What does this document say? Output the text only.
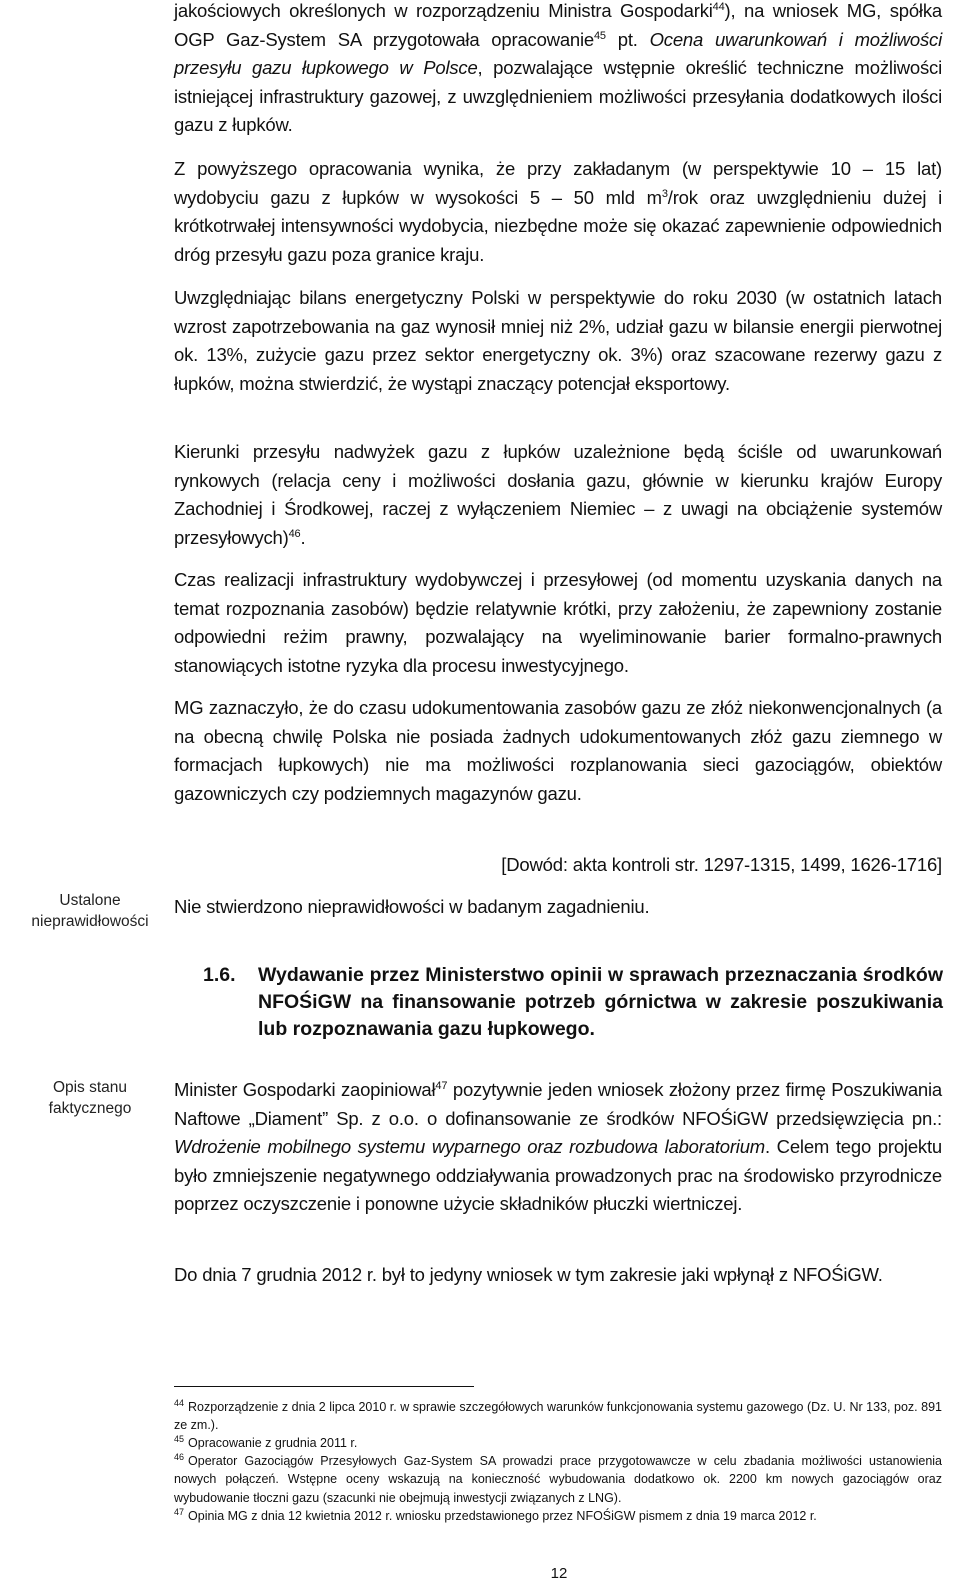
jakościowych określonych w rozporządzeniu Ministra Gospodarki$^{44}$), na wniosek MG, spółka OGP Gaz-System SA przygotowała opracowanie$^{45}$ pt. Ocena uwarunkowań i możliwości przesyłu gazu łupkowego w Polsce, pozwalające wstępnie określić techniczne możliwości istniejącej infrastruktury gazowej, z uwzględnieniem możliwości przesyłania dodatkowych ilości gazu z łupków.

Z powyższego opracowania wynika, że przy zakładanym (w perspektywie 10 – 15 lat) wydobyciu gazu z łupków w wysokości 5 – 50 mld $m^3$/rok oraz uwzględnieniu dużej i krótkotrwałej intensywności wydobycia, niezbędne może się okazać zapewnienie odpowiednich dróg przesyłu gazu poza granice kraju.

Uwzględniając bilans energetyczny Polski w perspektywie do roku 2030 (w ostatnich latach wzrost zapotrzebowania na gaz wynosił mniej niż 2%, udział gazu w bilansie energii pierwotnej ok. 13%, zużycie gazu przez sektor energetyczny ok. 3%) oraz szacowane rezerwy gazu z łupków, można stwierdzić, że wystąpi znaczący potencjał eksportowy.

Kierunki przesyłu nadwyżek gazu z łupków uzależnione będą ściśle od uwarunkowań rynkowych (relacja ceny i możliwości dosłania gazu, głównie w kierunku krajów Europy Zachodniej i Środkowej, raczej z wyłączeniem Niemiec – z uwagi na obciążenie systemów przesyłowych)$^{46}$.

Czas realizacji infrastruktury wydobywczej i przesyłowej (od momentu uzyskania danych na temat rozpoznania zasobów) będzie relatywnie krótki, przy założeniu, że zapewniony zostanie odpowiedni reżim prawny, pozwalający na wyeliminowanie barier formalno-prawnych stanowiących istotne ryzyka dla procesu inwestycyjnego.

MG zaznaczyło, że do czasu udokumentowania zasobów gazu ze złóż niekonwencjonalnych (a na obecną chwilę Polska nie posiada żadnych udokumentowanych złóż gazu ziemnego w formacjach łupkowych) nie ma możliwości rozplanowania sieci gazociągów, obiektów gazowniczych czy podziemnych magazynów gazu.

[Dowód: akta kontroli str. 1297-1315, 1499, 1626-1716]

Ustalone nieprawidłowości

Nie stwierdzono nieprawidłowości w badanym zagadnieniu.

1.6. Wydawanie przez Ministerstwo opinii w sprawach przeznaczania środków NFOŚiGW na finansowanie potrzeb górnictwa w zakresie poszukiwania lub rozpoznawania gazu łupkowego.
Opis stanu faktycznego

Minister Gospodarki zaopiniował$^{47}$ pozytywnie jeden wniosek złożony przez firmę Poszukiwania Naftowe „Diament” Sp. z o.o. o dofinansowanie ze środków NFOŚiGW przedsięwzięcia pn.: Wdrożenie mobilnego systemu wyparnego oraz rozbudowa laboratorium. Celem tego projektu było zmniejszenie negatywnego oddziaływania prowadzonych prac na środowisko przyrodnicze poprzez oczyszczenie i ponowne użycie składników płuczki wiertniczej.

Do dnia 7 grudnia 2012 r. był to jedyny wniosek w tym zakresie jaki wpłynął z NFOŚiGW.

$^{44}$ Rozporządzenie z dnia 2 lipca 2010 r. w sprawie szczegółowych warunków funkcjonowania systemu gazowego (Dz. U. Nr 133, poz. 891 ze zm.).

$^{45}$ Opracowanie z grudnia 2011 r.

$^{46}$ Operator Gazociągów Przesyłowych Gaz-System SA prowadzi prace przygotowawcze w celu zbadania możliwości ustanowienia nowych połączeń. Wstępne oceny wskazują na konieczność wybudowania dodatkowo ok. 2200 km nowych gazociągów oraz wybudowanie tłoczni gazu (szacunki nie obejmują inwestycji związanych z LNG).

$^{47}$ Opinia MG z dnia 12 kwietnia 2012 r. wniosku przedstawionego przez NFOŚiGW pismem z dnia 19 marca 2012 r.

12
